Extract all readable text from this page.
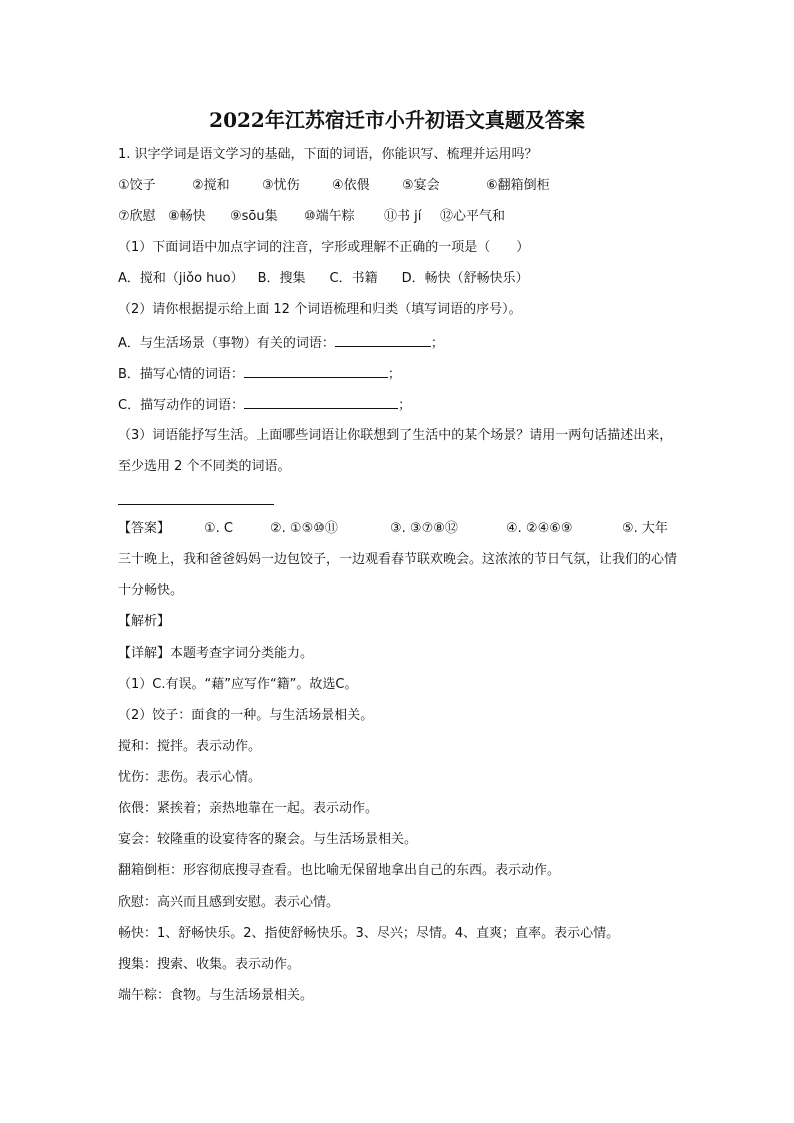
2022年江苏宿迁市小升初语文真题及答案
1. 识字学词是语文学习的基础，下面的词语，你能识写、梳理并运用吗？
①饺子	②搅和 ③忧伤 ④依偎 ⑤宴会	⑥翻箱倒柜
⑦欣慰 ⑧畅快 ⑨sōu集 ⑩端午粽 ⑪书 jí ⑫心平气和
（1）下面词语中加点字词的注音，字形或理解不正确的一项是（　　）
A．搅和（jiǒo huo） B．搜集 C．书籍 D．畅快（舒畅快乐）
（2）请你根据提示给上面 12 个词语梳理和归类（填写词语的序号）。
A．与生活场景（事物）有关的词语：	；
B．描写心情的词语：	；
C．描写动作的词语：	；
（3）词语能抒写生活。上面哪些词语让你联想到了生活中的某个场景？请用一两句话描述出来，至少选用 2 个不同类的词语。
【答案】	①. C	②. ①⑤⑩⑪	③. ③⑦⑧⑫	④. ②④⑥⑨	⑤. 大年
三十晚上，我和爸爸妈妈一边包饺子，一边观看春节联欢晚会。这浓浓的节日气氛，让我们的心情十分畅快。
【解析】
【详解】本题考查字词分类能力。
（1）C.有误。“藉”应写作“籍”。故选C。
（2）饺子：面食的一种。与生活场景相关。
搅和：搅拌。表示动作。
忧伤：悲伤。表示心情。
依偎：紧挨着；亲热地靠在一起。表示动作。
宴会：较隆重的设宴待客的聚会。与生活场景相关。
翻箱倒柜：形容彻底搜寻查看。也比喻无保留地拿出自己的东西。表示动作。
欣慰：高兴而且感到安慰。表示心情。
畅快：1、舒畅快乐。2、指使舒畅快乐。3、尽兴；尽情。4、直爽；直率。表示心情。
搜集：搜索、收集。表示动作。
端午粽：食物。与生活场景相关。
